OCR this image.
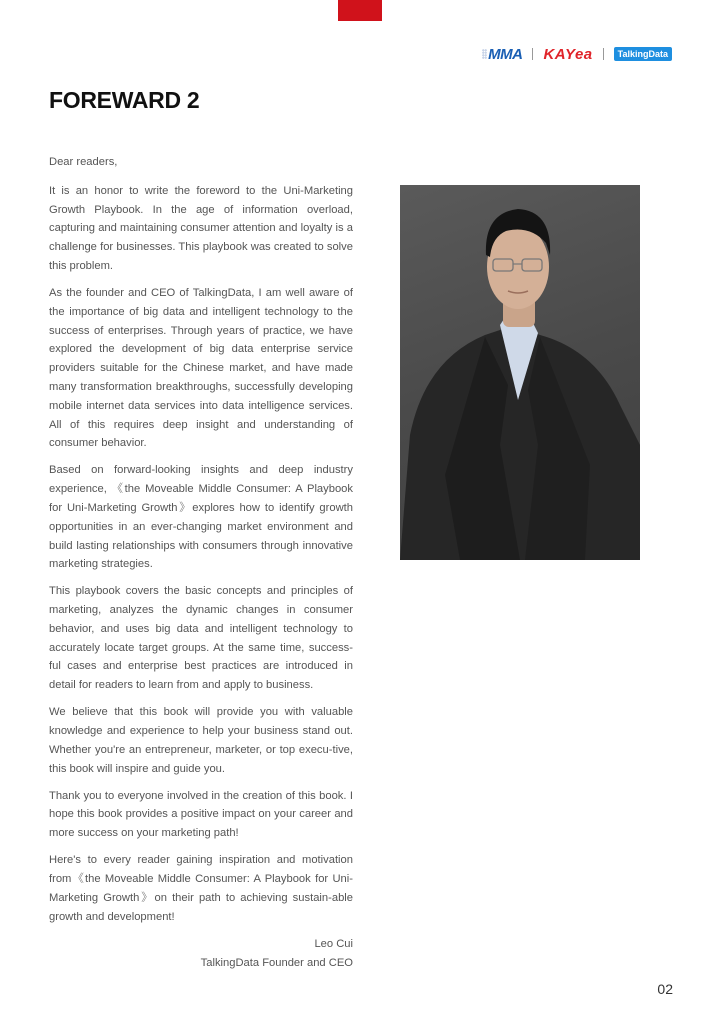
MMA KAYea	TalkingData
FOREWARD 2

Dear readers,

It is an honor to write the foreword to the Uni-Marketing Growth Playbook. In the age of information overload, capturing and maintaining consumer attention and loyalty is a challenge for businesses. This playbook was created to solve this problem.

As the founder and CEO of TalkingData, I am well aware of the importance of big data and intelligent technology to the success of enterprises. Through years of practice, we have explored the development of big data enterprise service providers suitable for the Chinese market, and have made many transformation breakthroughs, successfully developing mobile internet data services into data intelligence services. All of this requires deep insight and understanding of consumer behavior.

Based on forward-looking insights and deep industry experience, 《the Moveable Middle Consumer: A Playbook for Uni-Marketing Growth》explores how to identify growth opportunities in an ever-changing market environment and build lasting relationships with consumers through innovative marketing strategies.

This playbook covers the basic concepts and principles of marketing, analyzes the dynamic changes in consumer behavior, and uses big data and intelligent technology to accurately locate target groups. At the same time, success-ful cases and enterprise best practices are introduced in detail for readers to learn from and apply to business.

We believe that this book will provide you with valuable knowledge and experience to help your business stand out. Whether you're an entrepreneur, marketer, or top execu-tive, this book will inspire and guide you.

Thank you to everyone involved in the creation of this book. I hope this book provides a positive impact on your career and more success on your marketing path!

Here's to every reader gaining inspiration and motivation from《the Moveable Middle Consumer: A Playbook for Uni-Marketing Growth》on their path to achieving sustain-able growth and development!

Leo Cui
TalkingData Founder and CEO
02
